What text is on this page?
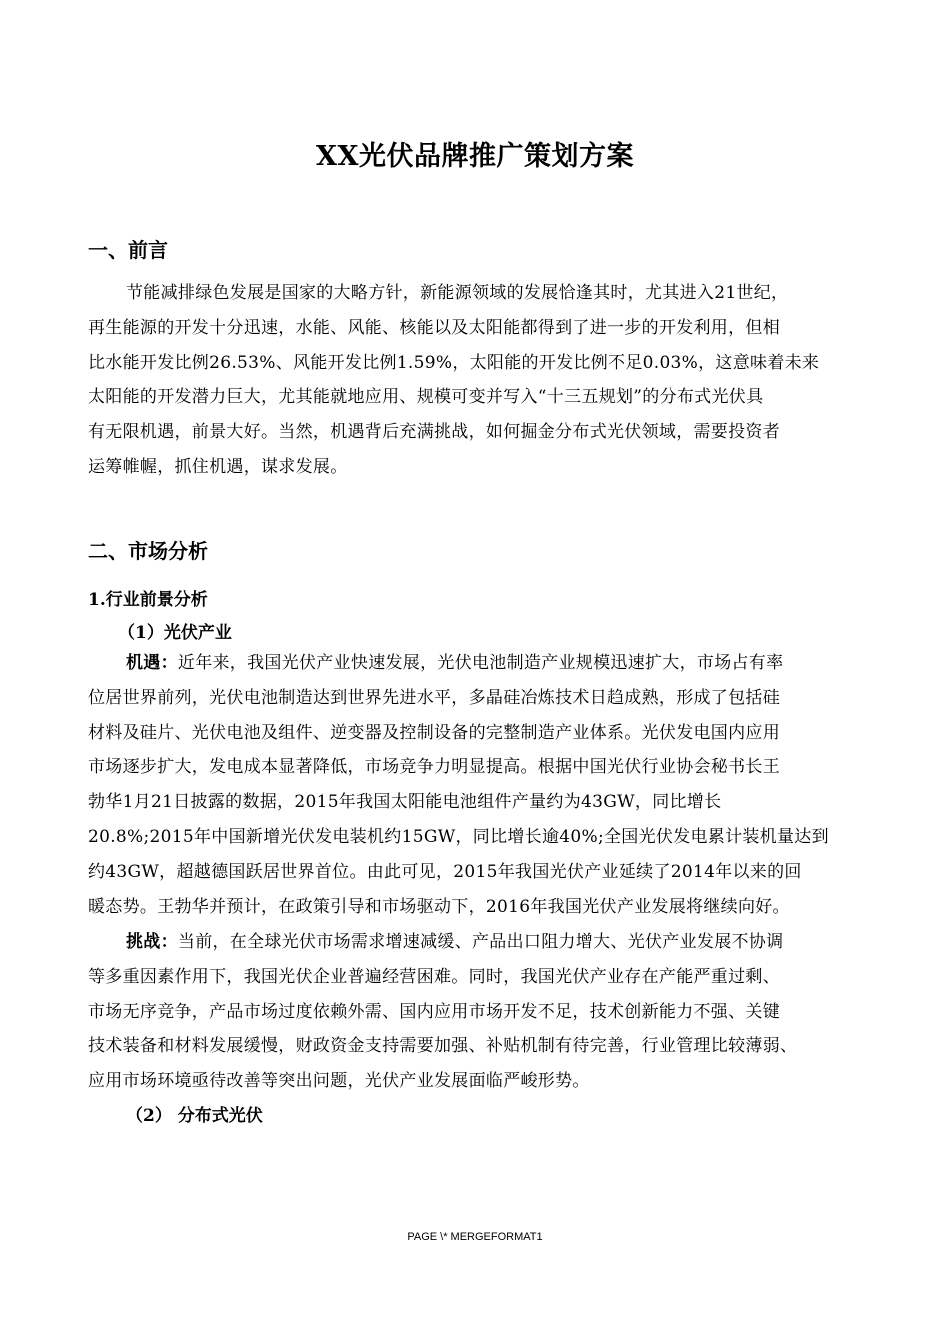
XX光伏品牌推广策划方案
一、前言
节能减排绿色发展是国家的大略方针，新能源领域的发展恰逢其时，尤其进入21世纪，
再生能源的开发十分迅速，水能、风能、核能以及太阳能都得到了进一步的开发利用，但相
比水能开发比例26.53%、风能开发比例1.59%，太阳能的开发比例不足0.03%，这意味着未来
太阳能的开发潜力巨大，尤其能就地应用、规模可变并写入“十三五规划”的分布式光伏具
有无限机遇，前景大好。当然，机遇背后充满挑战，如何掘金分布式光伏领域，需要投资者
运筹帷幄，抓住机遇，谋求发展。
二、市场分析
1.行业前景分析
（1）光伏产业
机遇：近年来，我国光伏产业快速发展，光伏电池制造产业规模迅速扩大，市场占有率
位居世界前列，光伏电池制造达到世界先进水平，多晶硅冶炼技术日趋成熟，形成了包括硅
材料及硅片、光伏电池及组件、逆变器及控制设备的完整制造产业体系。光伏发电国内应用
市场逐步扩大，发电成本显著降低，市场竞争力明显提高。根据中国光伏行业协会秘书长王
勃华1月21日披露的数据，2015年我国太阳能电池组件产量约为43GW，同比增长
20.8%;2015年中国新增光伏发电装机约15GW，同比增长逾40%;全国光伏发电累计装机量达到
约43GW，超越德国跃居世界首位。由此可见，2015年我国光伏产业延续了2014年以来的回
暖态势。王勃华并预计，在政策引导和市场驱动下，2016年我国光伏产业发展将继续向好。
挑战：当前，在全球光伏市场需求增速减缓、产品出口阻力增大、光伏产业发展不协调
等多重因素作用下，我国光伏企业普遍经营困难。同时，我国光伏产业存在产能严重过剩、
市场无序竞争，产品市场过度依赖外需、国内应用市场开发不足，技术创新能力不强、关键
技术装备和材料发展缓慢，财政资金支持需要加强、补贴机制有待完善，行业管理比较薄弱、
应用市场环境亟待改善等突出问题，光伏产业发展面临严峻形势。
（2） 分布式光伏
PAGE \* MERGEFORMAT1
